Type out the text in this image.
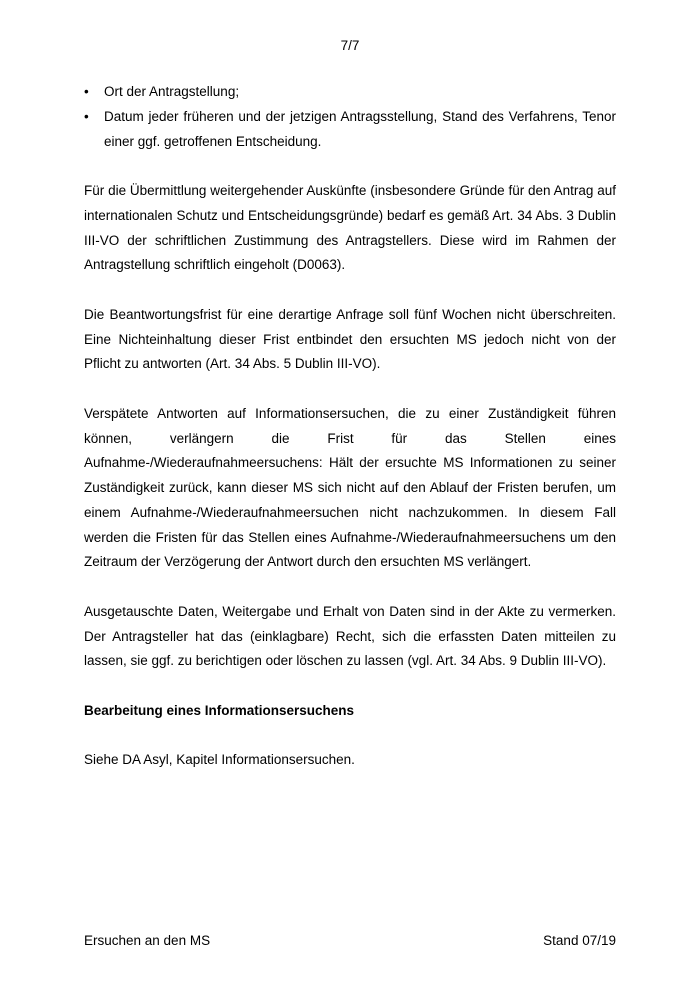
7/7
• Ort der Antragstellung;
• Datum jeder früheren und der jetzigen Antragsstellung, Stand des Verfahrens, Tenor einer ggf. getroffenen Entscheidung.

Für die Übermittlung weitergehender Auskünfte (insbesondere Gründe für den Antrag auf internationalen Schutz und Entscheidungsgründe) bedarf es gemäß Art. 34 Abs. 3 Dublin III-VO der schriftlichen Zustimmung des Antragstellers. Diese wird im Rahmen der Antragstellung schriftlich eingeholt (D0063).

Die Beantwortungsfrist für eine derartige Anfrage soll fünf Wochen nicht überschreiten. Eine Nichteinhaltung dieser Frist entbindet den ersuchten MS jedoch nicht von der Pflicht zu antworten (Art. 34 Abs. 5 Dublin III-VO).

Verspätete Antworten auf Informationsersuchen, die zu einer Zuständigkeit führen können, verlängern die Frist für das Stellen eines Aufnahme-/Wiederaufnahmeersuchens: Hält der ersuchte MS Informationen zu seiner Zuständigkeit zurück, kann dieser MS sich nicht auf den Ablauf der Fristen berufen, um einem Aufnahme-/Wiederaufnahmeersuchen nicht nachzukommen. In diesem Fall werden die Fristen für das Stellen eines Aufnahme-/Wiederaufnahmeersuchens um den Zeitraum der Verzögerung der Antwort durch den ersuchten MS verlängert.

Ausgetauschte Daten, Weitergabe und Erhalt von Daten sind in der Akte zu vermerken. Der Antragsteller hat das (einklagbare) Recht, sich die erfassten Daten mitteilen zu lassen, sie ggf. zu berichtigen oder löschen zu lassen (vgl. Art. 34 Abs. 9 Dublin III-VO).

Bearbeitung eines Informationsersuchens

Siehe DA Asyl, Kapitel Informationsersuchen.

Ersuchen an den MS	Stand 07/19
